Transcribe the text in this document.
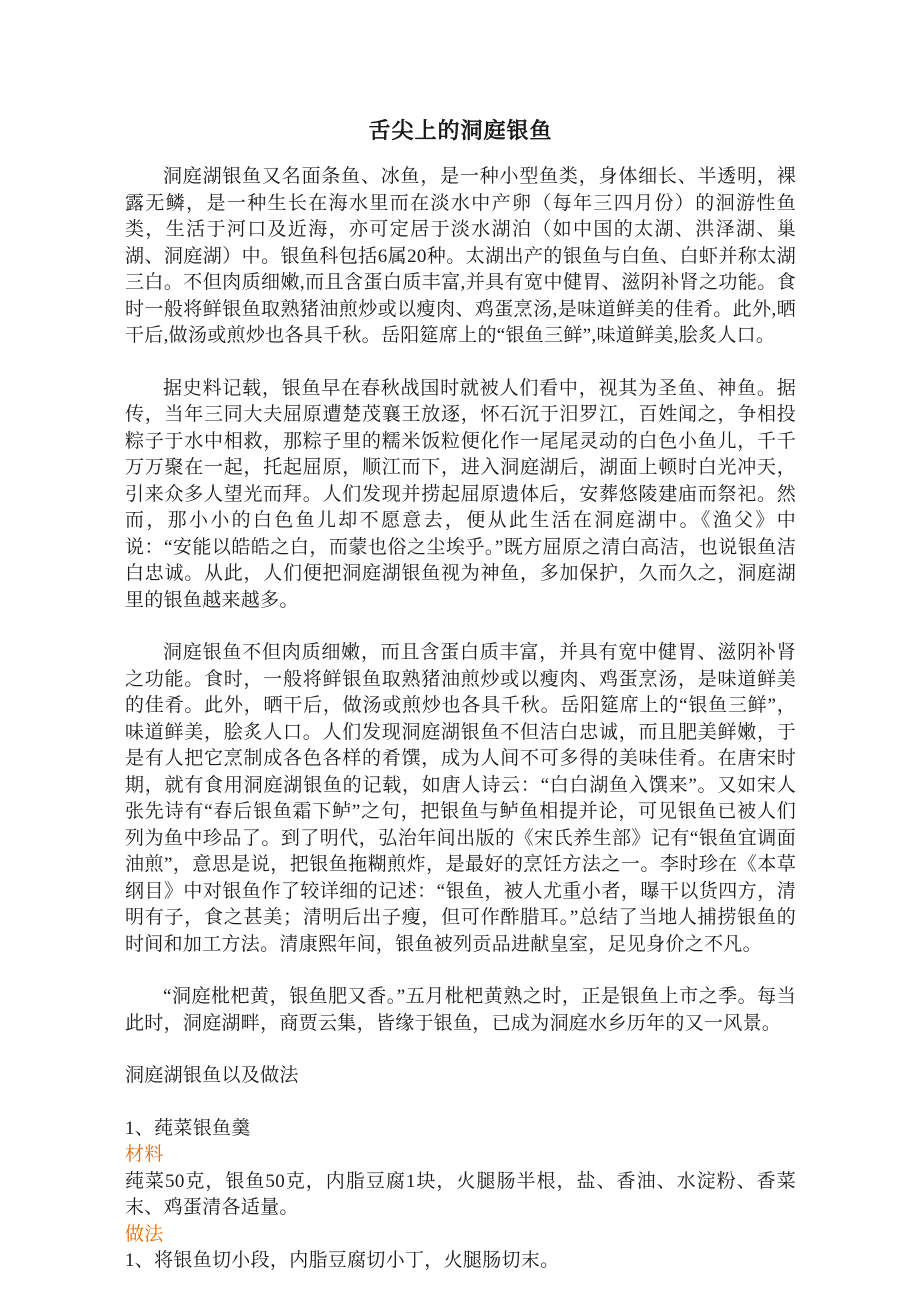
舌尖上的洞庭银鱼

洞庭湖银鱼又名面条鱼、冰鱼，是一种小型鱼类，身体细长、半透明，裸露无鳞，是一种生长在海水里而在淡水中产卵（每年三四月份）的洄游性鱼类，生活于河口及近海，亦可定居于淡水湖泊（如中国的太湖、洪泽湖、巢湖、洞庭湖）中。银鱼科包括6属20种。太湖出产的银鱼与白鱼、白虾并称太湖三白。不但肉质细嫩,而且含蛋白质丰富,并具有宽中健胃、滋阴补肾之功能。食时一般将鲜银鱼取熟猪油煎炒或以瘦肉、鸡蛋烹汤,是味道鲜美的佳肴。此外,晒干后,做汤或煎炒也各具千秋。岳阳筵席上的“银鱼三鲜”,味道鲜美,脍炙人口。

据史料记载，银鱼早在春秋战国时就被人们看中，视其为圣鱼、神鱼。据传，当年三同大夫屈原遭楚茂襄王放逐，怀石沉于汨罗江，百姓闻之，争相投粽子于水中相救，那粽子里的糯米饭粒便化作一尾尾灵动的白色小鱼儿，千千万万聚在一起，托起屈原，顺江而下，进入洞庭湖后，湖面上顿时白光冲天，引来众多人望光而拜。人们发现并捞起屈原遗体后，安葬悠陵建庙而祭祀。然而，那小小的白色鱼儿却不愿意去，便从此生活在洞庭湖中。《渔父》中说：“安能以皓皓之白，而蒙也俗之尘埃乎。”既方屈原之清白高洁，也说银鱼洁白忠诚。从此，人们便把洞庭湖银鱼视为神鱼，多加保护，久而久之，洞庭湖里的银鱼越来越多。

洞庭银鱼不但肉质细嫩，而且含蛋白质丰富，并具有宽中健胃、滋阴补肾之功能。食时，一般将鲜银鱼取熟猪油煎炒或以瘦肉、鸡蛋烹汤，是味道鲜美的佳肴。此外，晒干后，做汤或煎炒也各具千秋。岳阳筵席上的“银鱼三鲜”，味道鲜美，脍炙人口。人们发现洞庭湖银鱼不但洁白忠诚，而且肥美鲜嫩，于是有人把它烹制成各色各样的肴馔，成为人间不可多得的美味佳肴。在唐宋时期，就有食用洞庭湖银鱼的记载，如唐人诗云：“白白湖鱼入馔来”。又如宋人张先诗有“春后银鱼霜下鲈”之句，把银鱼与鲈鱼相提并论，可见银鱼已被人们列为鱼中珍品了。到了明代，弘治年间出版的《宋氏养生部》记有“银鱼宜调面油煎”，意思是说，把银鱼拖糊煎炸，是最好的烹饪方法之一。李时珍在《本草纲目》中对银鱼作了较详细的记述：“银鱼，被人尤重小者，曝干以货四方，清明有子，食之甚美；清明后出子瘦，但可作酢腊耳。”总结了当地人捕捞银鱼的时间和加工方法。清康熙年间，银鱼被列贡品进献皇室，足见身价之不凡。

“洞庭枇杷黄，银鱼肥又香。”五月枇杷黄熟之时，正是银鱼上市之季。每当此时，洞庭湖畔，商贾云集，皆缘于银鱼，已成为洞庭水乡历年的又一风景。

洞庭湖银鱼以及做法

1、莼菜银鱼羹

材料

莼菜50克，银鱼50克，内脂豆腐1块，火腿肠半根，盐、香油、水淀粉、香菜末、鸡蛋清各适量。

做法

1、将银鱼切小段，内脂豆腐切小丁，火腿肠切末。
